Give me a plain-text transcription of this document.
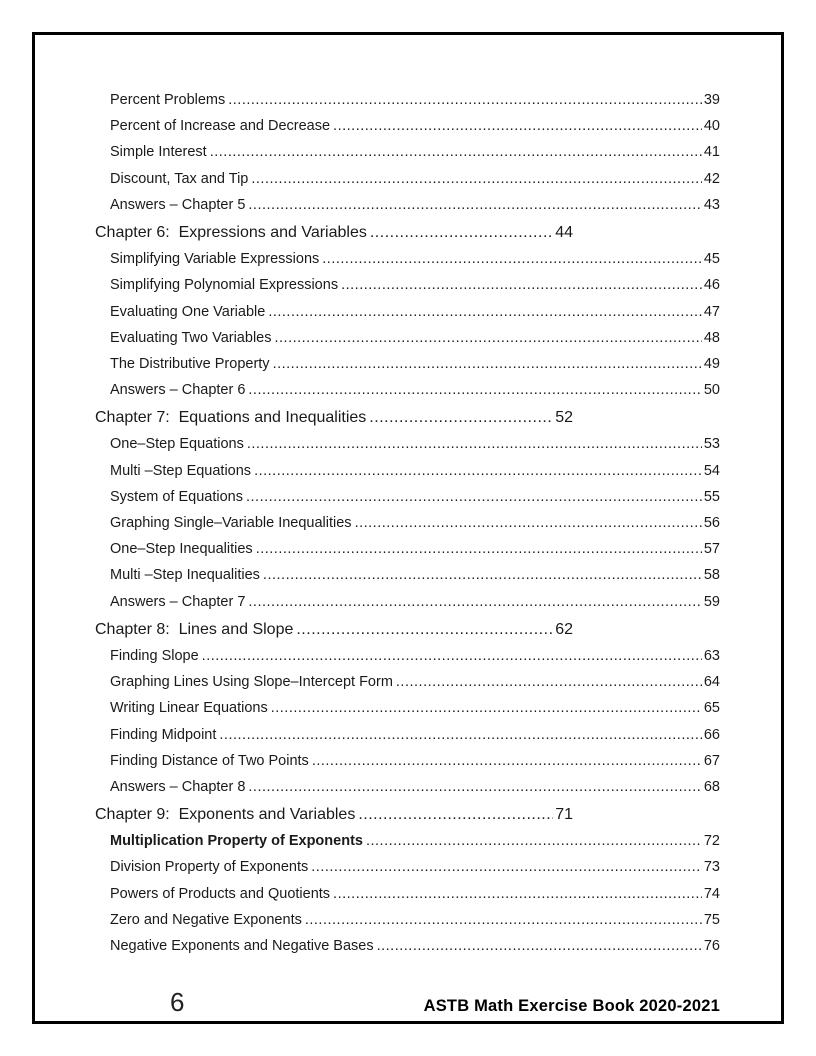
Percent Problems .....	39
Percent of Increase and Decrease .....	40
Simple Interest .....	41
Discount, Tax and Tip .....	42
Answers – Chapter 5 .....	43
Chapter 6:  Expressions and Variables .....	44
Simplifying Variable Expressions .....	45
Simplifying Polynomial Expressions .....	46
Evaluating One Variable .....	47
Evaluating Two Variables .....	48
The Distributive Property .....	49
Answers – Chapter 6 .....	50
Chapter 7:  Equations and Inequalities .....	52
One–Step Equations .....	53
Multi –Step Equations .....	54
System of Equations .....	55
Graphing Single–Variable Inequalities .....	56
One–Step Inequalities .....	57
Multi –Step Inequalities .....	58
Answers – Chapter 7 .....	59
Chapter 8:  Lines and Slope .....	62
Finding Slope .....	63
Graphing Lines Using Slope–Intercept Form .....	64
Writing Linear Equations .....	65
Finding Midpoint .....	66
Finding Distance of Two Points .....	67
Answers – Chapter 8 .....	68
Chapter 9:  Exponents and Variables .....	71
Multiplication Property of Exponents .....	72
Division Property of Exponents .....	73
Powers of Products and Quotients .....	74
Zero and Negative Exponents .....	75
Negative Exponents and Negative Bases .....	76
6	ASTB Math Exercise Book 2020-2021
